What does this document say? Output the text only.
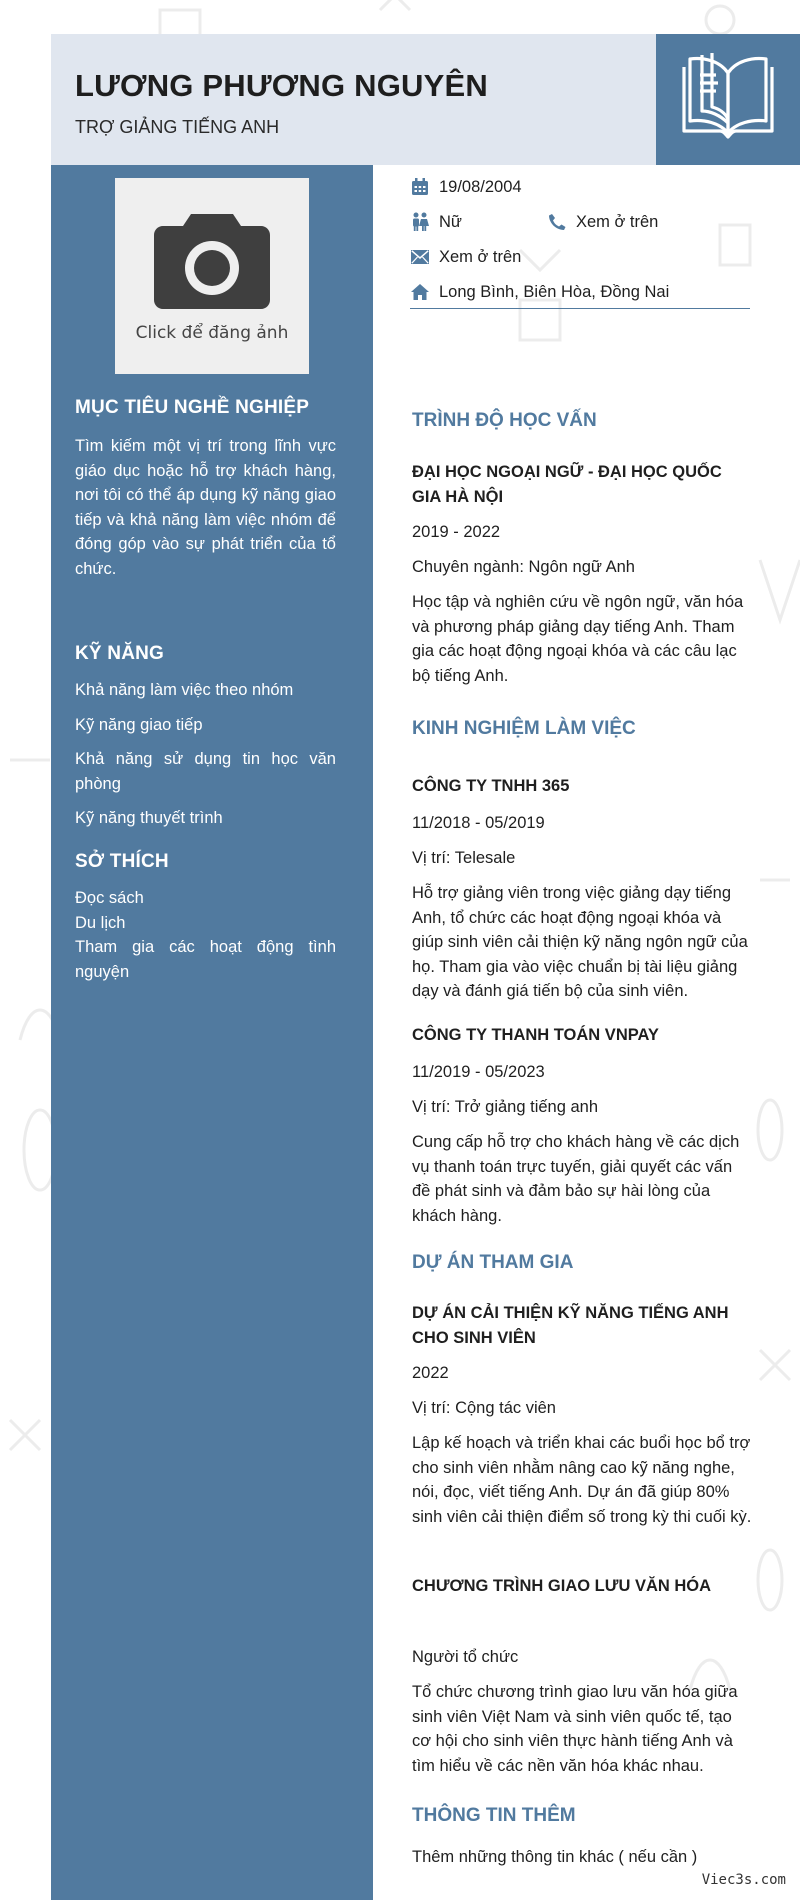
LƯƠNG PHƯƠNG NGUYÊN
TRỢ GIẢNG TIẾNG ANH
Click để đăng ảnh
MỤC TIÊU NGHỀ NGHIỆP
Tìm kiếm một vị trí trong lĩnh vực giáo dục hoặc hỗ trợ khách hàng, nơi tôi có thể áp dụng kỹ năng giao tiếp và khả năng làm việc nhóm để đóng góp vào sự phát triển của tổ chức.
KỸ NĂNG
Khả năng làm việc theo nhóm
Kỹ năng giao tiếp
Khả năng sử dụng tin học văn phòng
Kỹ năng thuyết trình
SỞ THÍCH
Đọc sách
Du lịch
Tham gia các hoạt động tình nguyện
19/08/2004
Nữ	Xem ở trên
Xem ở trên
Long Bình, Biên Hòa, Đồng Nai
TRÌNH ĐỘ HỌC VẤN
ĐẠI HỌC NGOẠI NGỮ - ĐẠI HỌC QUỐC GIA HÀ NỘI
2019 - 2022
Chuyên ngành: Ngôn ngữ Anh
Học tập và nghiên cứu về ngôn ngữ, văn hóa và phương pháp giảng dạy tiếng Anh. Tham gia các hoạt động ngoại khóa và các câu lạc bộ tiếng Anh.
KINH NGHIỆM LÀM VIỆC
CÔNG TY TNHH 365
11/2018 - 05/2019
Vị trí: Telesale
Hỗ trợ giảng viên trong việc giảng dạy tiếng Anh, tổ chức các hoạt động ngoại khóa và giúp sinh viên cải thiện kỹ năng ngôn ngữ của họ. Tham gia vào việc chuẩn bị tài liệu giảng dạy và đánh giá tiến bộ của sinh viên.
CÔNG TY THANH TOÁN VNPAY
11/2019 - 05/2023
Vị trí: Trở giảng tiếng anh
Cung cấp hỗ trợ cho khách hàng về các dịch vụ thanh toán trực tuyến, giải quyết các vấn đề phát sinh và đảm bảo sự hài lòng của khách hàng.
DỰ ÁN THAM GIA
DỰ ÁN CẢI THIỆN KỸ NĂNG TIẾNG ANH CHO SINH VIÊN
2022
Vị trí: Cộng tác viên
Lập kế hoạch và triển khai các buổi học bổ trợ cho sinh viên nhằm nâng cao kỹ năng nghe, nói, đọc, viết tiếng Anh. Dự án đã giúp 80% sinh viên cải thiện điểm số trong kỳ thi cuối kỳ.
CHƯƠNG TRÌNH GIAO LƯU VĂN HÓA
Người tổ chức
Tổ chức chương trình giao lưu văn hóa giữa sinh viên Việt Nam và sinh viên quốc tế, tạo cơ hội cho sinh viên thực hành tiếng Anh và tìm hiểu về các nền văn hóa khác nhau.
THÔNG TIN THÊM
Thêm những thông tin khác ( nếu cần )
Viec3s.com
